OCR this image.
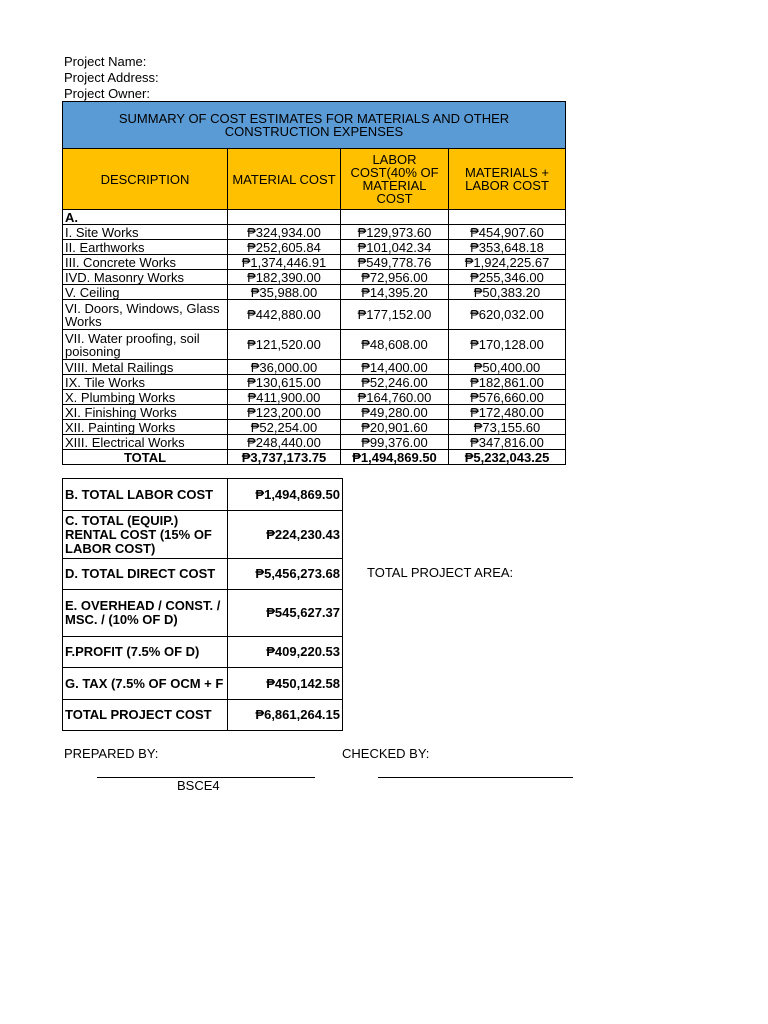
Project Name:
Project Address:
Project Owner:
SUMMARY OF COST ESTIMATES FOR MATERIALS AND OTHER CONSTRUCTION EXPENSES			
DESCRIPTION	MATERIAL COST	LABOR COST(40% OF MATERIAL COST	MATERIALS + LABOR COST
A.			
I. Site Works	₱324,934.00	₱129,973.60	₱454,907.60
II. Earthworks	₱252,605.84	₱101,042.34	₱353,648.18
III. Concrete Works	₱1,374,446.91	₱549,778.76	₱1,924,225.67
IVD. Masonry Works	₱182,390.00	₱72,956.00	₱255,346.00
V. Ceiling	₱35,988.00	₱14,395.20	₱50,383.20
VI. Doors, Windows, Glass Works	₱442,880.00	₱177,152.00	₱620,032.00
VII. Water proofing, soil poisoning	₱121,520.00	₱48,608.00	₱170,128.00
VIII. Metal Railings	₱36,000.00	₱14,400.00	₱50,400.00
IX. Tile Works	₱130,615.00	₱52,246.00	₱182,861.00
X. Plumbing Works	₱411,900.00	₱164,760.00	₱576,660.00
XI. Finishing Works	₱123,200.00	₱49,280.00	₱172,480.00
XII. Painting Works	₱52,254.00	₱20,901.60	₱73,155.60
XIII. Electrical Works	₱248,440.00	₱99,376.00	₱347,816.00
TOTAL	₱3,737,173.75	₱1,494,869.50	₱5,232,043.25
B. TOTAL LABOR COST	₱1,494,869.50
C. TOTAL (EQUIP.) RENTAL COST (15% OF LABOR COST)	₱224,230.43
D. TOTAL DIRECT COST	₱5,456,273.68
E. OVERHEAD / CONST. / MSC. / (10% OF D)	₱545,627.37
F.PROFIT (7.5% OF D)	₱409,220.53
G. TAX (7.5% OF OCM + F	₱450,142.58
TOTAL PROJECT COST	₱6,861,264.15
TOTAL PROJECT AREA:
PREPARED BY:	CHECKED BY:
BSCE4
